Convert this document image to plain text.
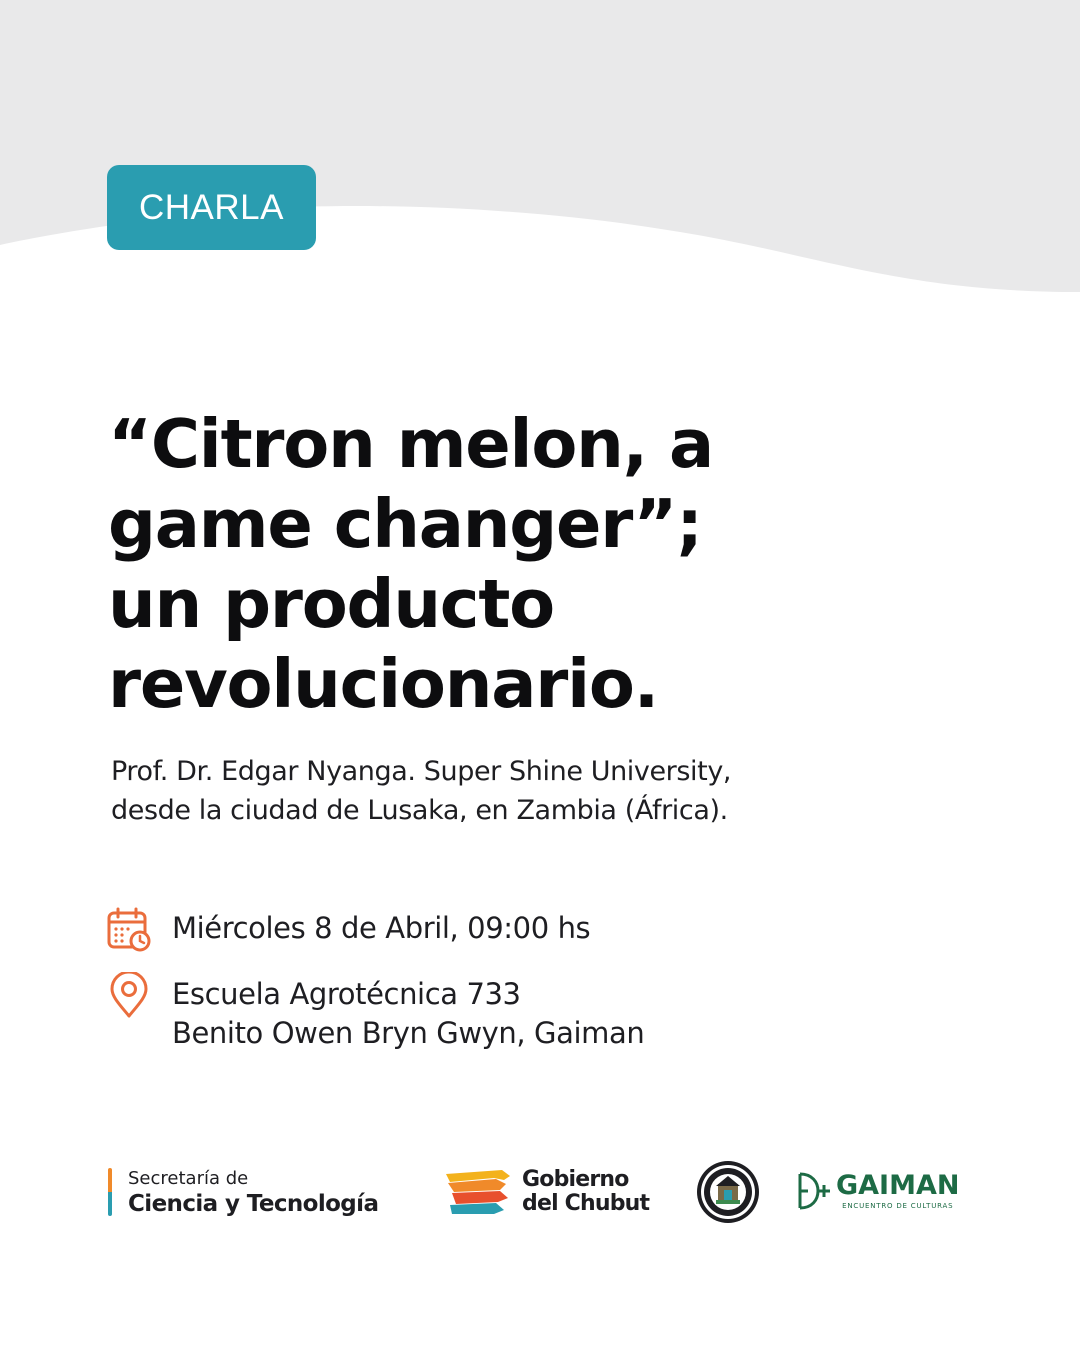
CHARLA
“Citron melon, a
game changer”;
un producto
revolucionario.
Prof. Dr. Edgar Nyanga. Super Shine University,
desde la ciudad de Lusaka, en Zambia (África).
Miércoles 8 de Abril, 09:00 hs
Escuela Agrotécnica 733
Benito Owen Bryn Gwyn, Gaiman
Secretaría de
Ciencia y Tecnología
Gobierno
del Chubut
GAIMAN
ENCUENTRO DE CULTURAS
